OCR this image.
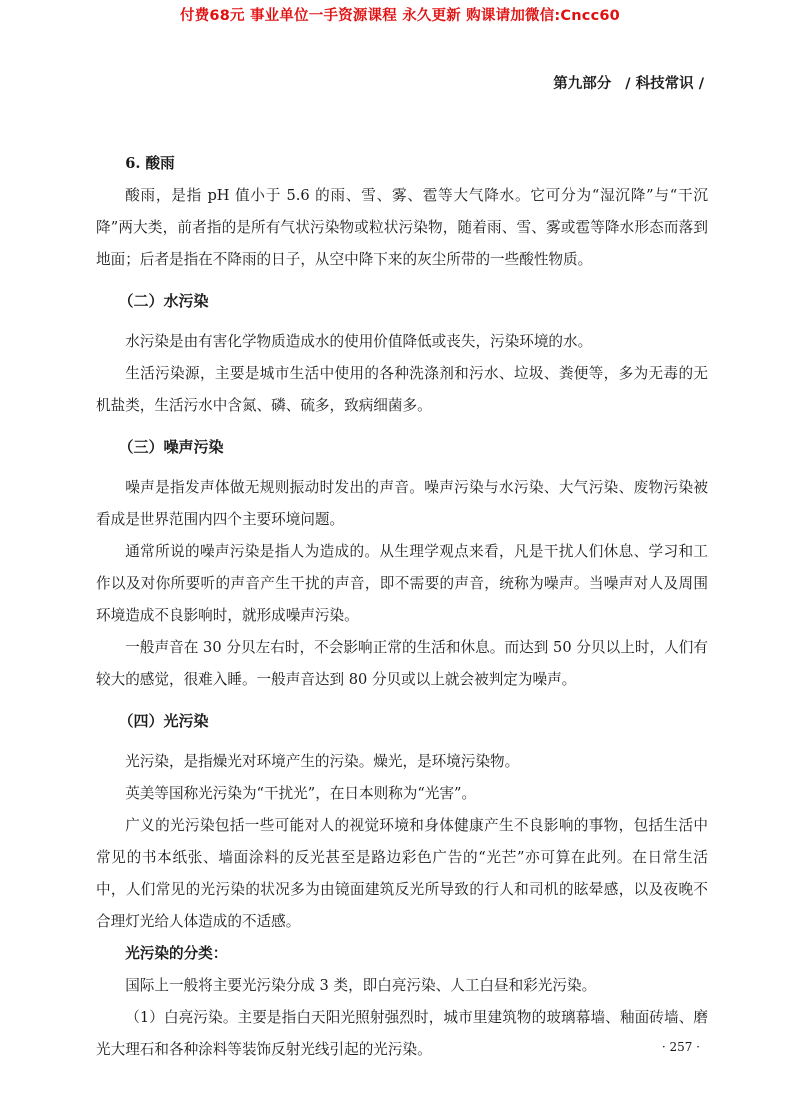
付费68元 事业单位一手资源课程 永久更新 购课请加微信:Cncc60
第九部分 / 科技常识 /
6. 酸雨

酸雨，是指 pH 值小于 5.6 的雨、雪、雾、雹等大气降水。它可分为“湿沉降”与“干沉降”两大类，前者指的是所有气状污染物或粒状污染物，随着雨、雪、雾或雹等降水形态而落到地面；后者是指在不降雨的日子，从空中降下来的灰尘所带的一些酸性物质。

（二）水污染

水污染是由有害化学物质造成水的使用价值降低或丧失，污染环境的水。

生活污染源，主要是城市生活中使用的各种洗涤剂和污水、垃圾、粪便等，多为无毒的无机盐类，生活污水中含氮、磷、硫多，致病细菌多。

（三）噪声污染

噪声是指发声体做无规则振动时发出的声音。噪声污染与水污染、大气污染、废物污染被看成是世界范围内四个主要环境问题。

通常所说的噪声污染是指人为造成的。从生理学观点来看，凡是干扰人们休息、学习和工作以及对你所要听的声音产生干扰的声音，即不需要的声音，统称为噪声。当噪声对人及周围环境造成不良影响时，就形成噪声污染。

一般声音在 30 分贝左右时，不会影响正常的生活和休息。而达到 50 分贝以上时，人们有较大的感觉，很难入睡。一般声音达到 80 分贝或以上就会被判定为噪声。

（四）光污染

光污染，是指燥光对环境产生的污染。燥光，是环境污染物。

英美等国称光污染为“干扰光”，在日本则称为“光害”。

广义的光污染包括一些可能对人的视觉环境和身体健康产生不良影响的事物，包括生活中常见的书本纸张、墙面涂料的反光甚至是路边彩色广告的“光芒”亦可算在此列。在日常生活中，人们常见的光污染的状况多为由镜面建筑反光所导致的行人和司机的眩晕感，以及夜晚不合理灯光给人体造成的不适感。

光污染的分类：

国际上一般将主要光污染分成 3 类，即白亮污染、人工白昼和彩光污染。

（1）白亮污染。主要是指白天阳光照射强烈时，城市里建筑物的玻璃幕墙、釉面砖墙、磨光大理石和各种涂料等装饰反射光线引起的光污染。	· 257 ·
